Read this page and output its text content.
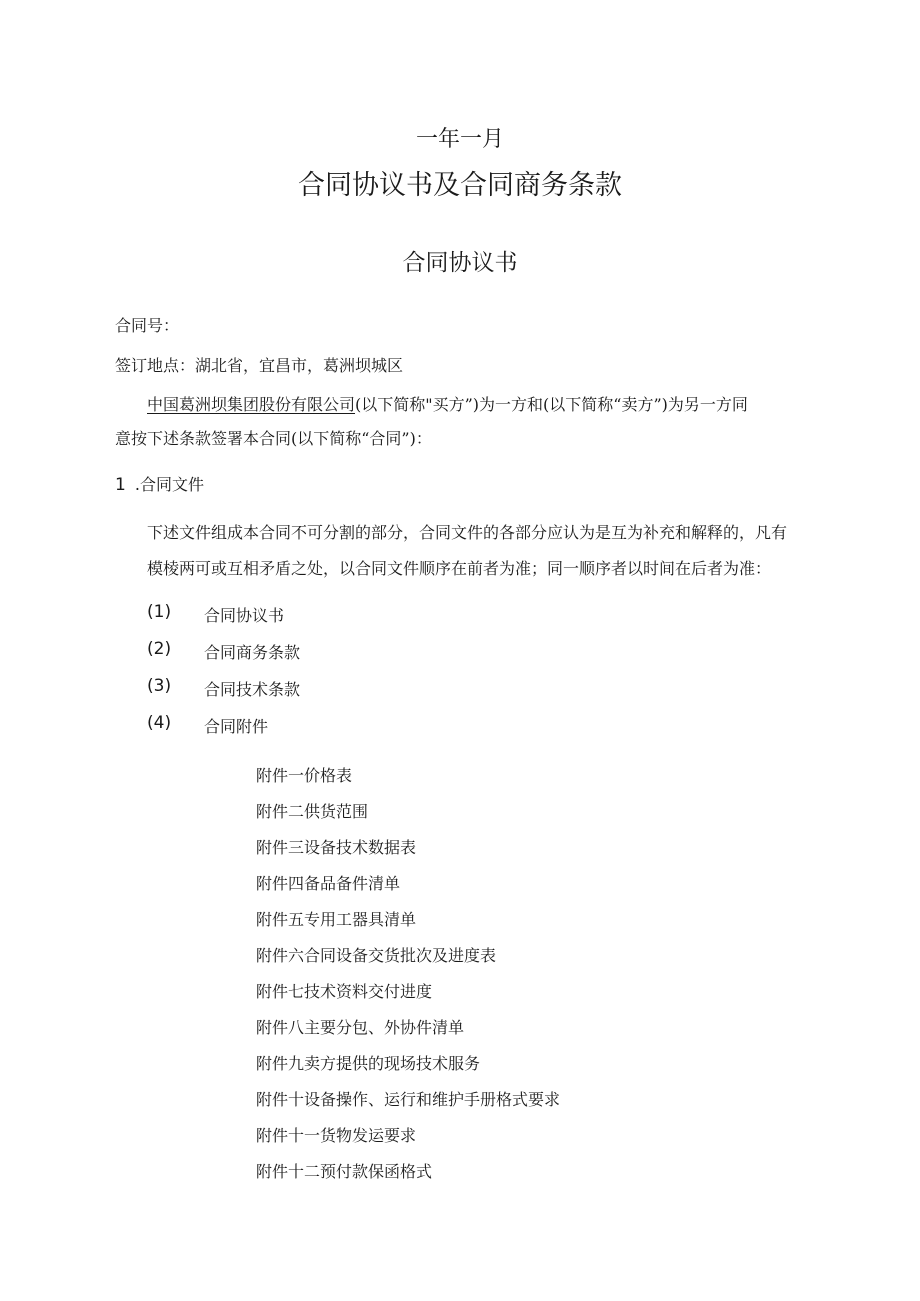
一年一月
合同协议书及合同商务条款
合同协议书
合同号：
签订地点：湖北省，宜昌市，葛洲坝城区
中国葛洲坝集团股份有限公司(以下简称"买方”)为一方和(以下简称“卖方”)为另一方同
意按下述条款签署本合同(以下简称“合同”)：
1 .合同文件
下述文件组成本合同不可分割的部分，合同文件的各部分应认为是互为补充和解释的，凡有
模棱两可或互相矛盾之处，以合同文件顺序在前者为准；同一顺序者以时间在后者为准：
(1) 合同协议书
(2) 合同商务条款
(3) 合同技术条款
(4) 合同附件
附件一价格表
附件二供货范围
附件三设备技术数据表
附件四备品备件清单
附件五专用工器具清单
附件六合同设备交货批次及进度表
附件七技术资料交付进度
附件八主要分包、外协件清单
附件九卖方提供的现场技术服务
附件十设备操作、运行和维护手册格式要求
附件十一货物发运要求
附件十二预付款保函格式
